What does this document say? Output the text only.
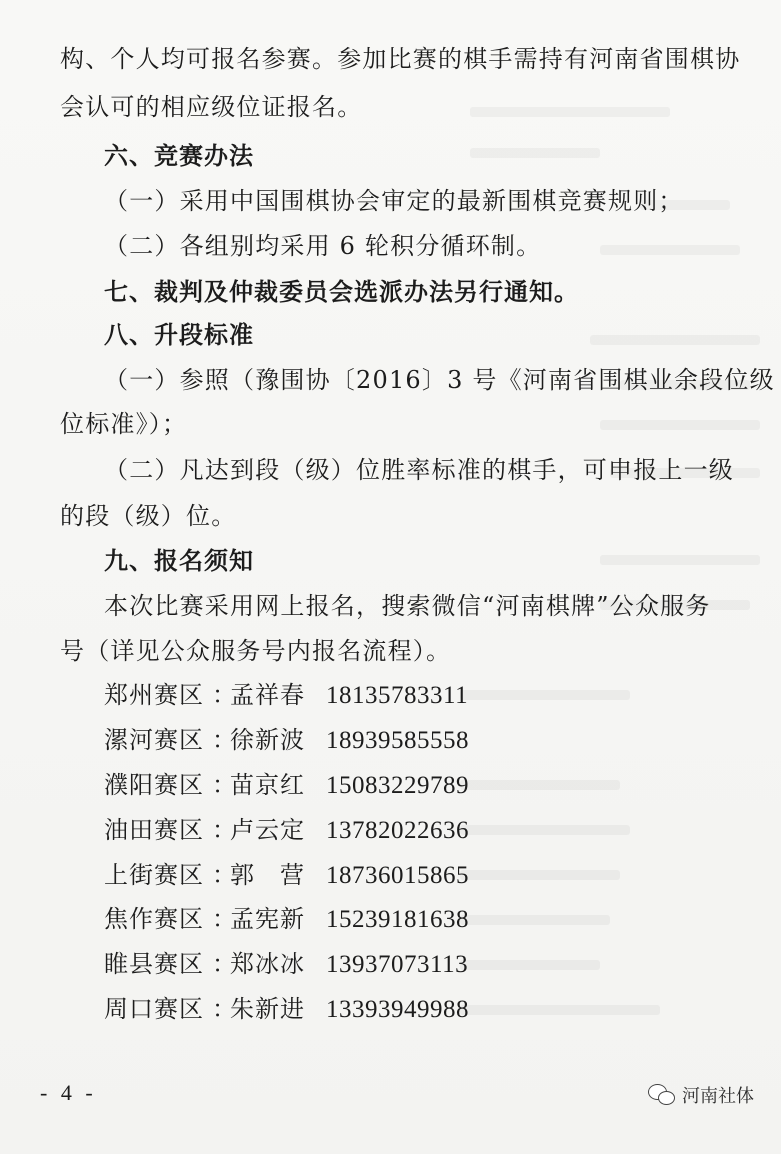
构、个人均可报名参赛。参加比赛的棋手需持有河南省围棋协
会认可的相应级位证报名。
六、竞赛办法
（一）采用中国围棋协会审定的最新围棋竞赛规则；
（二）各组别均采用 6 轮积分循环制。
七、裁判及仲裁委员会选派办法另行通知。
八、升段标准
（一）参照（豫围协〔2016〕3 号《河南省围棋业余段位级
位标准》）；
（二）凡达到段（级）位胜率标准的棋手，可申报上一级
的段（级）位。
九、报名须知
本次比赛采用网上报名，搜索微信“河南棋牌”公众服务
号（详见公众服务号内报名流程）。
郑州赛区 ：孟祥春 18135783311
漯河赛区 ：徐新波 18939585558
濮阳赛区 ：苗京红 15083229789
油田赛区 ：卢云定 13782022636
上街赛区 ：郭　营 18736015865
焦作赛区 ：孟宪新 15239181638
睢县赛区 ：郑冰冰 13937073113
周口赛区 ：朱新进 13393949988
- 4 -	河南社体
